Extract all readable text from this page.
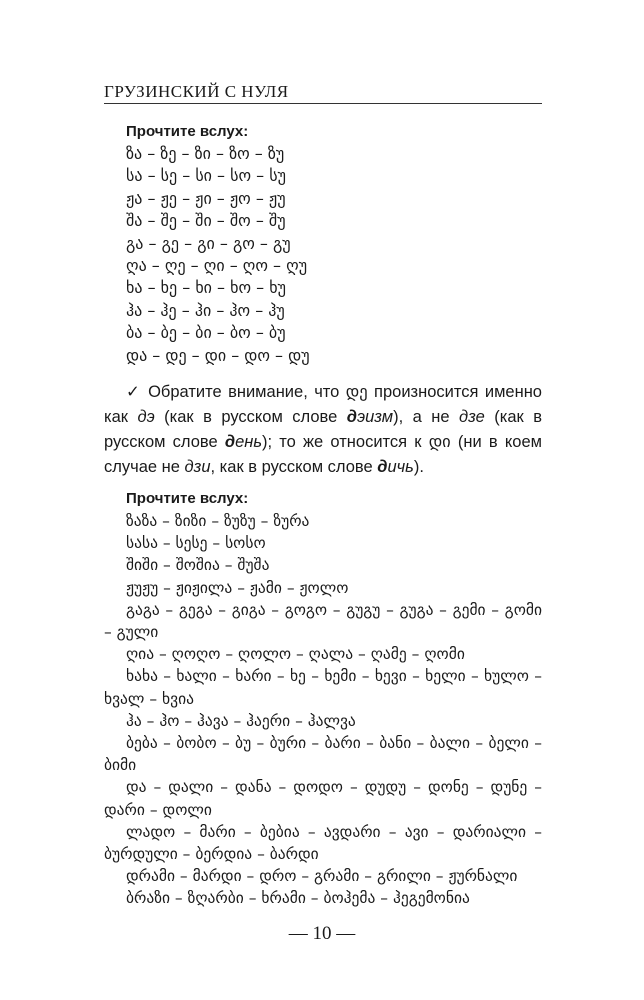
ГРУЗИНСКИЙ С НУЛЯ
Прочтите вслух:
ზა – ზე – ზი – ზო – ზუ
სა – სე – სი – სო – სუ
ჟა – ჟე – ჟი – ჟო – ჟუ
შა – შე – ში – შო – შუ
გა – გე – გი – გო – გუ
ღა – ღე – ღი – ღო – ღუ
ხა – ხე – ხი – ხო – ხუ
ჰა – ჰე – ჰი – ჰო – ჰუ
ბა – ბე – ბი – ბო – ბუ
და – დე – დი – დო – დუ
✓ Обратите внимание, что დე произносится именно как дэ (как в русском слове дэизм), а не дзе (как в русском слове день); то же относится к დი (ни в коем случае не дзи, как в русском слове дичь).
Прочтите вслух:
ზაზა – ზიზი – ზუზუ – ზურა
სასა – სესე – სოსო
შიში – შოშია – შუშა
ჟუჟუ – ჟიჟილა – ჟამი – ჟოლო
გაგა – გეგა – გიგა – გოგო – გუგუ – გუგა – გემი – გომი – გული
ღია – ღოღო – ღოლო – ღალა – ღამე – ღომი
ხახა – ხალი – ხარი – ხე – ხემი – ხევი – ხელი – ხულო – ხვალ – ხვია
ჰა – ჰო – ჰავა – ჰაერი – ჰალვა
ბება – ბობო – ბუ – ბური – ბარი – ბანი – ბალი – ბელი – ბიმი
და – დალი – დანა – დოდო – დუდუ – დონე – დუნე – დარი – დოლი
ლადო – მარი – ბებია – ავდარი – ავი – დარიალი – ბურდული – ბერდია – ბარდი
დრამი – მარდი – დრო – გრამი – გრილი – ჟურნალი
ბრაზი – ზღარბი – ხრამი – ბოჰემა – ჰეგემონია
— 10 —
